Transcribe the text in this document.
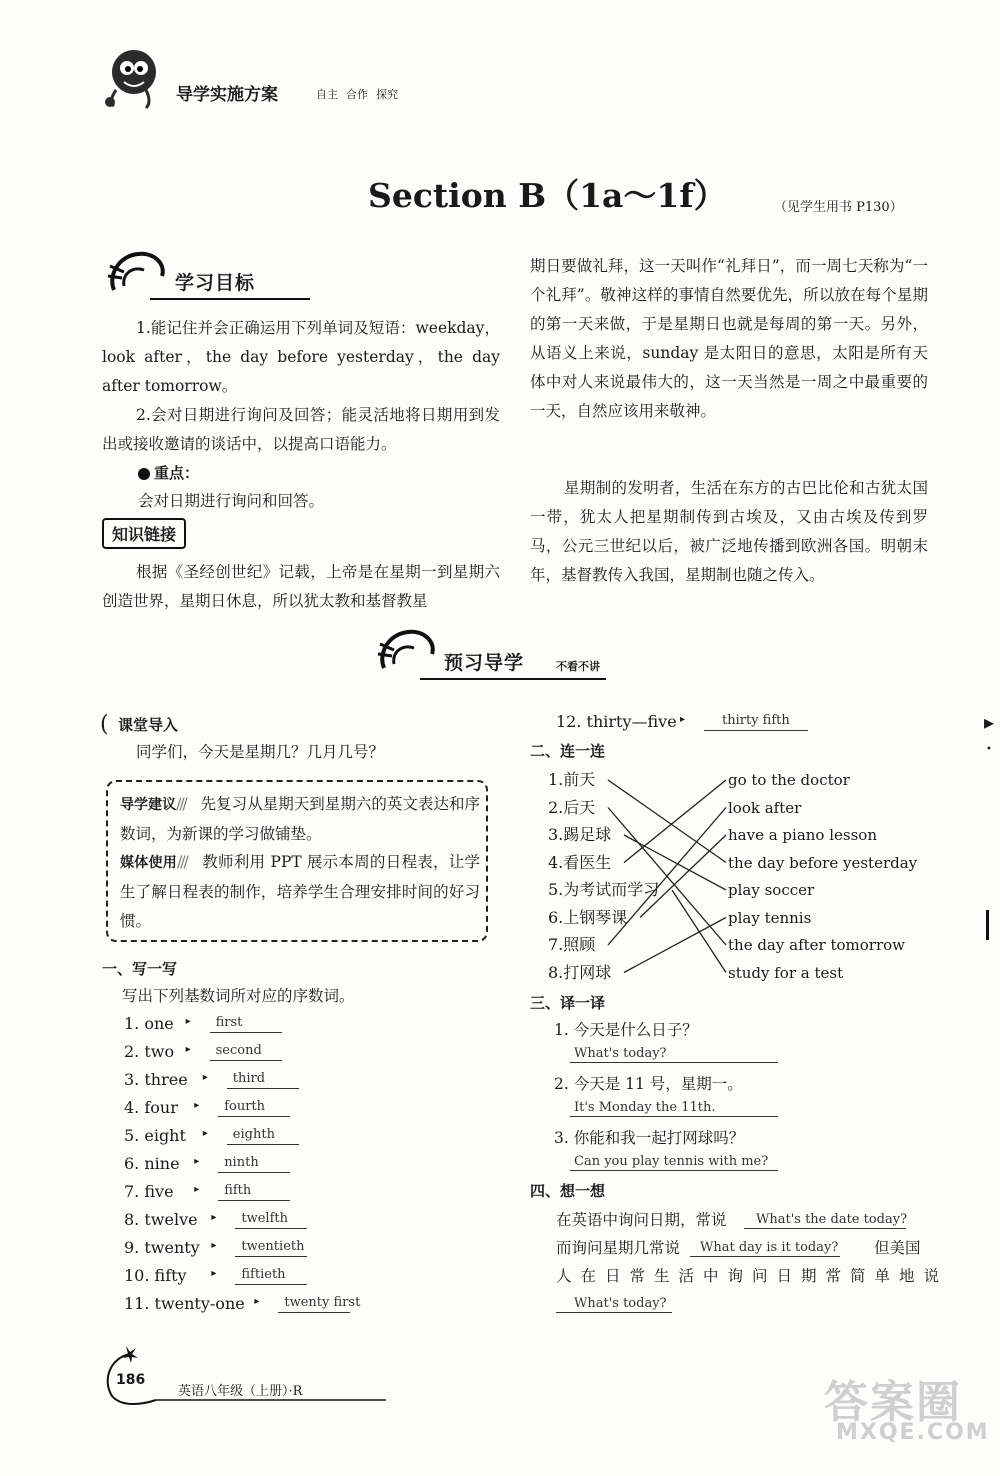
导学实施方案	自主 合作 探究
Section B（1a～1f）	（见学生用书 P130）
学习目标
1.能记住并会正确运用下列单词及短语：weekday，look after，the day before yesterday，the day after tomorrow。
2.会对日期进行询问及回答；能灵活地将日期用到发出或接收邀请的谈话中，以提高口语能力。
重点：
会对日期进行询问和回答。
知识链接
根据《圣经创世纪》记载，上帝是在星期一到星期六创造世界，星期日休息，所以犹太教和基督教星
期日要做礼拜，这一天叫作“礼拜日”，而一周七天称为“一个礼拜”。敬神这样的事情自然要优先，所以放在每个星期的第一天来做，于是星期日也就是每周的第一天。另外，从语义上来说，sunday 是太阳日的意思，太阳是所有天体中对人来说最伟大的，这一天当然是一周之中最重要的一天，自然应该用来敬神。
星期制的发明者，生活在东方的古巴比伦和古犹太国一带，犹太人把星期制传到古埃及，又由古埃及传到罗马，公元三世纪以后，被广泛地传播到欧洲各国。明朝末年，基督教传入我国，星期制也随之传入。
预习导学	不看不讲
( 课堂导入
同学们，今天是星期几？几月几号？
导学建议/// 先复习从星期天到星期六的英文表达和序数词，为新课的学习做铺垫。
媒体使用/// 教师利用 PPT 展示本周的日程表，让学生了解日程表的制作，培养学生合理安排时间的好习惯。
一、写一写
写出下列基数词所对应的序数词。
1. one ▸ first
2. two ▸ second
3. three ▸ third
4. four ▸ fourth
5. eight ▸ eighth
6. nine ▸ ninth
7. five ▸ fifth
8. twelve ▸ twelfth
9. twenty ▸ twentieth
10. fifty ▸ fiftieth
11. twenty-one ▸ twenty first
12. thirty—five ▸	thirty fifth
二、连一连
1.前天
2.后天
3.踢足球
4.看医生
5.为考试而学习
6.上钢琴课
7.照顾
8.打网球
go to the doctor
look after
have a piano lesson
the day before yesterday
play soccer
play tennis
the day after tomorrow
study for a test
三、译一译
1. 今天是什么日子？
What's today?
2. 今天是 11 号，星期一。
It's Monday the 11th.
3. 你能和我一起打网球吗？
Can you play tennis with me?
四、想一想
在英语中询问日期，常说 What's the date today?
而询问星期几常说 What day is it today? 但美国
人在日常生活中询问日期常简单地说
What's today?
▸
•
186
英语八年级（上册）·R	答案圈
MXQE.COM
